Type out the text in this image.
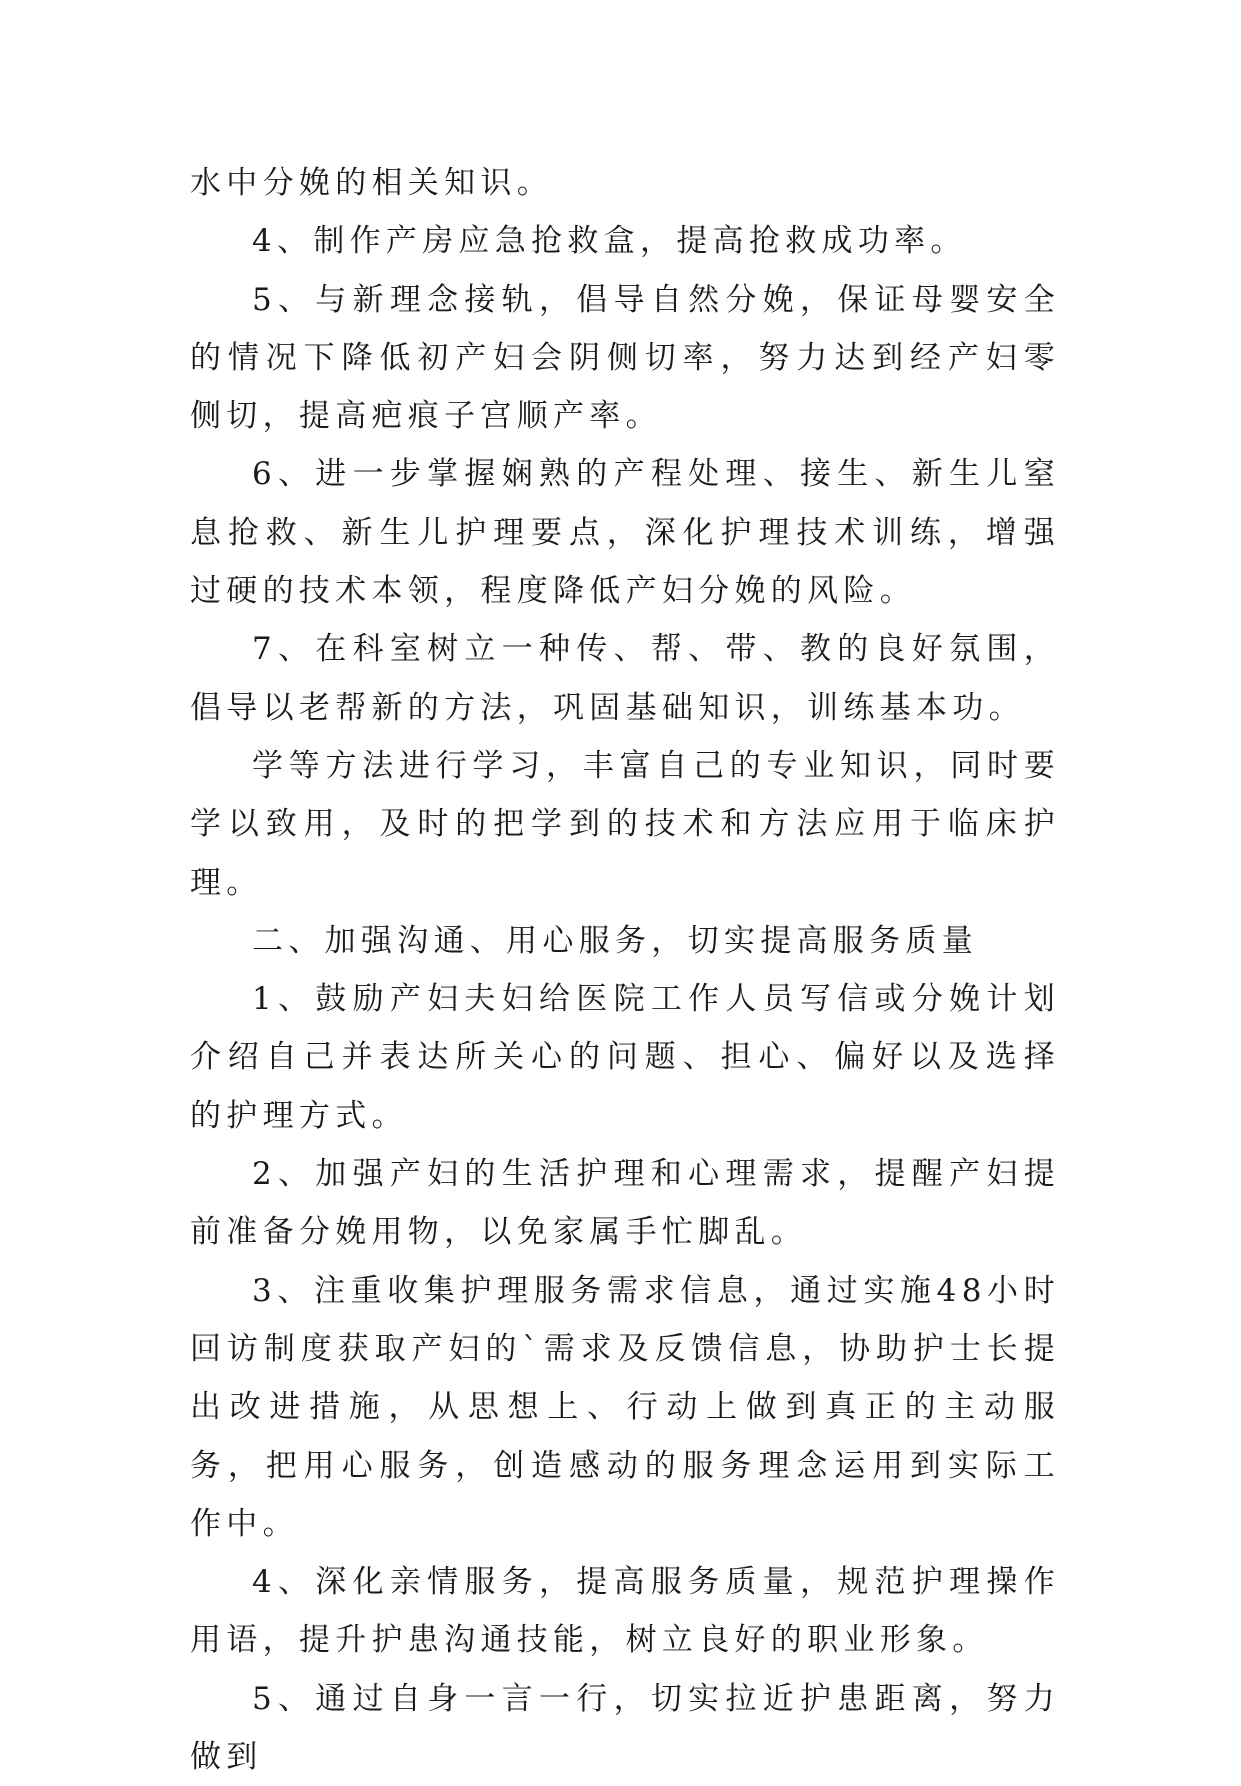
水中分娩的相关知识。

4、制作产房应急抢救盒，提高抢救成功率。

5、与新理念接轨，倡导自然分娩，保证母婴安全的情况下降低初产妇会阴侧切率，努力达到经产妇零侧切，提高疤痕子宫顺产率。

6、进一步掌握娴熟的产程处理、接生、新生儿窒息抢救、新生儿护理要点，深化护理技术训练，增强过硬的技术本领，程度降低产妇分娩的风险。

7、在科室树立一种传、帮、带、教的良好氛围，倡导以老帮新的方法，巩固基础知识，训练基本功。

学等方法进行学习，丰富自己的专业知识，同时要学以致用，及时的把学到的技术和方法应用于临床护理。

二、加强沟通、用心服务，切实提高服务质量

1、鼓励产妇夫妇给医院工作人员写信或分娩计划介绍自己并表达所关心的问题、担心、偏好以及选择的护理方式。

2、加强产妇的生活护理和心理需求，提醒产妇提前准备分娩用物，以免家属手忙脚乱。

3、注重收集护理服务需求信息，通过实施48小时回访制度获取产妇的`需求及反馈信息，协助护士长提出改进措施，从思想上、行动上做到真正的主动服务，把用心服务，创造感动的服务理念运用到实际工作中。

4、深化亲情服务，提高服务质量，规范护理操作用语，提升护患沟通技能，树立良好的职业形象。

5、通过自身一言一行，切实拉近护患距离，努力做到
